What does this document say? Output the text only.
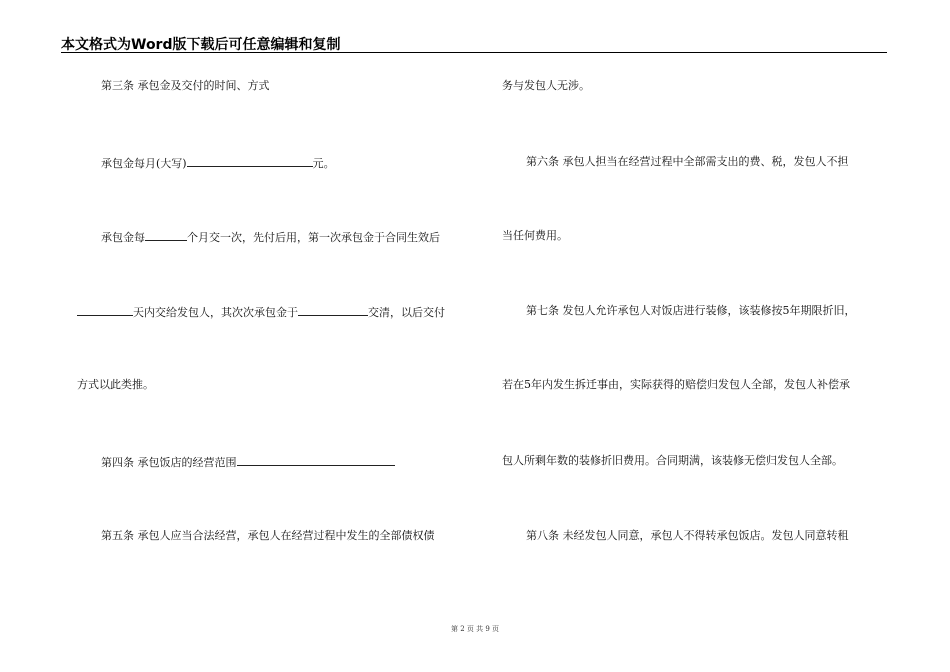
本文格式为Word版下载后可任意编辑和复制
第三条 承包金及交付的时间、方式
承包金每月(大写)	元。
承包金每	个月交一次，先付后用，第一次承包金于合同生效后
天内交给发包人，其次次承包金于	交清，以后交付
方式以此类推。
第四条 承包饭店的经营范围
第五条 承包人应当合法经营，承包人在经营过程中发生的全部债权债
务与发包人无涉。
第六条 承包人担当在经营过程中全部需支出的费、税，发包人不担
当任何费用。
第七条 发包人允许承包人对饭店进行装修，该装修按5年期限折旧，
若在5年内发生拆迁事由，实际获得的赔偿归发包人全部，发包人补偿承
包人所剩年数的装修折旧费用。合同期满，该装修无偿归发包人全部。
第八条 未经发包人同意，承包人不得转承包饭店。发包人同意转租
第 2 页 共 9 页
